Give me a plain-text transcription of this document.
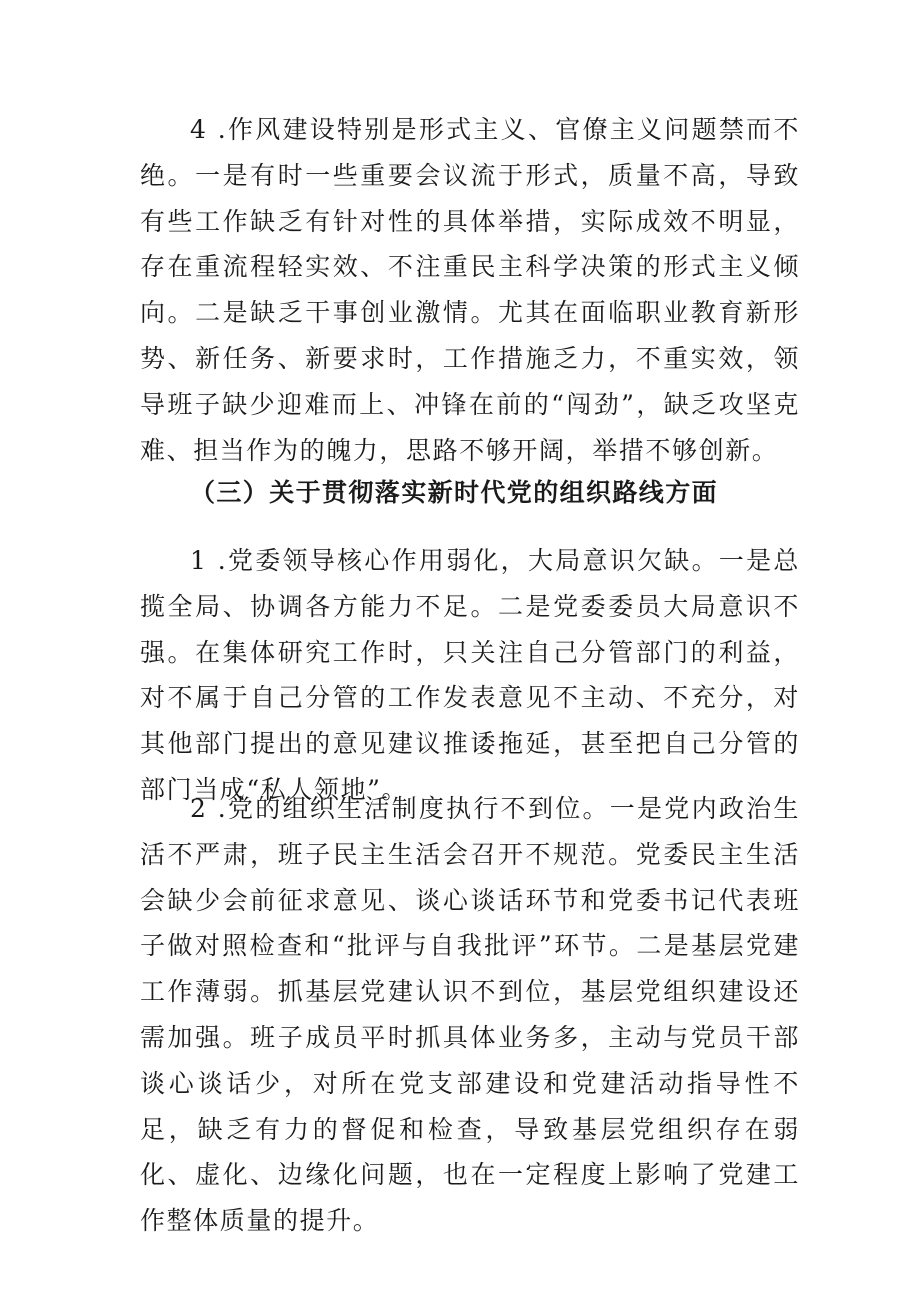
4 .作风建设特别是形式主义、官僚主义问题禁而不绝。一是有时一些重要会议流于形式，质量不高，导致有些工作缺乏有针对性的具体举措，实际成效不明显，存在重流程轻实效、不注重民主科学决策的形式主义倾向。二是缺乏干事创业激情。尤其在面临职业教育新形势、新任务、新要求时，工作措施乏力，不重实效，领导班子缺少迎难而上、冲锋在前的“闯劲”，缺乏攻坚克难、担当作为的魄力，思路不够开阔，举措不够创新。

（三）关于贯彻落实新时代党的组织路线方面

1 .党委领导核心作用弱化，大局意识欠缺。一是总揽全局、协调各方能力不足。二是党委委员大局意识不强。在集体研究工作时，只关注自己分管部门的利益，对不属于自己分管的工作发表意见不主动、不充分，对其他部门提出的意见建议推诿拖延，甚至把自己分管的部门当成“私人领地”。

2 .党的组织生活制度执行不到位。一是党内政治生活不严肃，班子民主生活会召开不规范。党委民主生活会缺少会前征求意见、谈心谈话环节和党委书记代表班子做对照检查和“批评与自我批评”环节。二是基层党建工作薄弱。抓基层党建认识不到位，基层党组织建设还需加强。班子成员平时抓具体业务多，主动与党员干部谈心谈话少，对所在党支部建设和党建活动指导性不足，缺乏有力的督促和检查，导致基层党组织存在弱化、虚化、边缘化问题，也在一定程度上影响了党建工作整体质量的提升。
